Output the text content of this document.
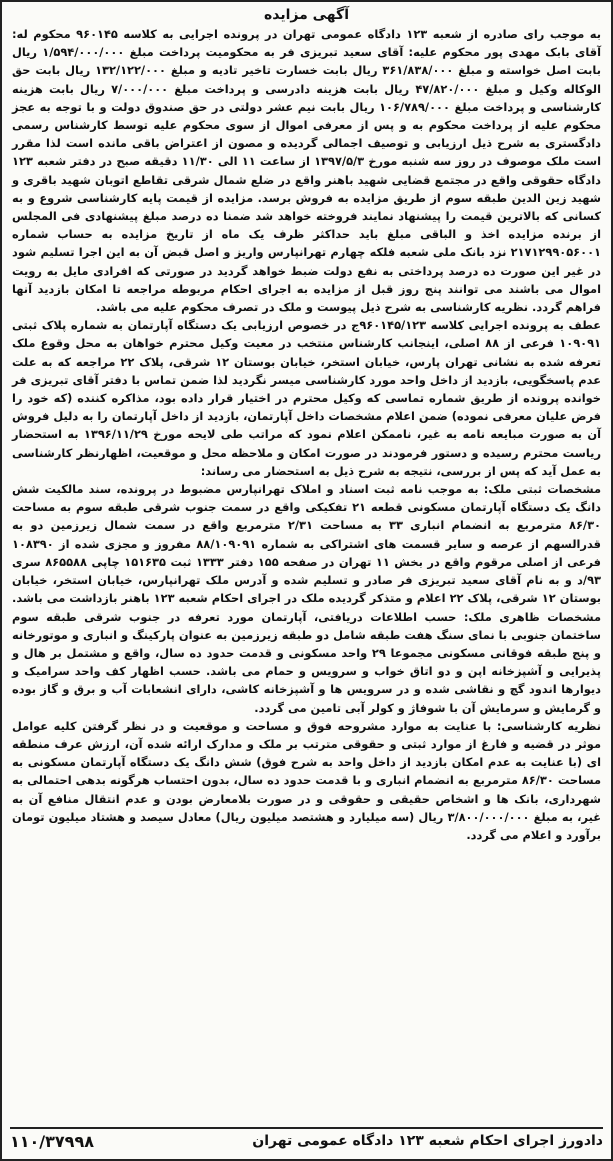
آگهی مزایده

به موجب رای صادره از شعبه ۱۲۳ دادگاه عمومی تهران در پرونده اجرایی به کلاسه ۹۶۰۱۴۵ محکوم له: آقای بابک مهدی پور محکوم علیه: آقای سعید تبریزی فر به محکومیت پرداخت مبلغ ۱/۵۹۴/۰۰۰/۰۰۰ ریال بابت اصل خواسته و مبلغ ۳۶۱/۸۳۸/۰۰۰ ریال بابت خسارت تاخیر تادیه و مبلغ ۱۳۲/۱۲۲/۰۰۰ ریال بابت حق الوکاله وکیل و مبلغ ۴۷/۸۲۰/۰۰۰ ریال بابت هزینه دادرسی و پرداخت مبلغ ۷/۰۰۰/۰۰۰ ریال بابت هزینه کارشناسی و پرداخت مبلغ ۱۰۶/۷۸۹/۰۰۰ ریال بابت نیم عشر دولتی در حق صندوق دولت و با توجه به عجز محکوم علیه از پرداخت محکوم به و پس از معرفی اموال از سوی محکوم علیه توسط کارشناس رسمی دادگستری به شرح ذیل ارزیابی و توصیف اجمالی گردیده و مصون از اعتراض باقی مانده است لذا مقرر است ملک موصوف در روز سه شنبه مورخ ۱۳۹۷/۵/۳ از ساعت ۱۱ الی ۱۱/۳۰ دقیقه صبح در دفتر شعبه ۱۲۳ دادگاه حقوقی واقع در مجتمع قضایی شهید باهنر واقع در ضلع شمال شرقی تقاطع اتوبان شهید باقری و شهید زین الدین طبقه سوم از طریق مزایده به فروش برسد. مزایده از قیمت پایه کارشناسی شروع و به کسانی که بالاترین قیمت را پیشنهاد نمایند فروخته خواهد شد ضمنا ده درصد مبلغ پیشنهادی فی المجلس از برنده مزایده اخذ و الباقی مبلغ باید حداکثر ظرف یک ماه از تاریخ مزایده به حساب شماره ۲۱۷۱۲۹۹۰۵۶۰۰۱ نزد بانک ملی شعبه فلکه چهارم تهرانپارس واریز و اصل قبض آن به این اجرا تسلیم شود در غیر این صورت ده درصد پرداختی به نفع دولت ضبط خواهد گردید در صورتی که افرادی مایل به رویت اموال می باشند می توانند پنج روز قبل از مزایده به اجرای احکام مربوطه مراجعه تا امکان بازدید آنها فراهم گردد. نظریه کارشناسی به شرح ذیل پیوست و ملک در تصرف محکوم علیه می باشد.

عطف به پرونده اجرایی کلاسه ۹۶۰۱۴۵/۱۲۳ج در خصوص ارزیابی یک دستگاه آپارتمان به شماره پلاک ثبتی ۱۰۹۰۹۱ فرعی از ۸۸ اصلی، اینجانب کارشناس منتخب در معیت وکیل محترم خواهان به محل وقوع ملک تعرفه شده به نشانی تهران پارس، خیابان استخر، خیابان بوستان ۱۲ شرقی، پلاک ۲۲ مراجعه که به علت عدم پاسخگویی، بازدید از داخل واحد مورد کارشناسی میسر نگردید لذا ضمن تماس با دفتر آقای تبریزی فر خوانده پرونده از طریق شماره تماسی که وکیل محترم در اختیار قرار داده بود، مذاکره کننده (که خود را فرض علیان معرفی نموده) ضمن اعلام مشخصات داخل آپارتمان، بازدید از داخل آپارتمان را به دلیل فروش آن به صورت مبایعه نامه به غیر، ناممکن اعلام نمود که مراتب طی لایحه مورخ ۱۳۹۶/۱۱/۲۹ به استحضار ریاست محترم رسیده و دستور فرمودند در صورت امکان و ملاحظه محل و موقعیت، اظهارنظر کارشناسی به عمل آید که پس از بررسی، نتیجه به شرح ذیل به استحضار می رساند:

مشخصات ثبتی ملک: به موجب نامه ثبت اسناد و املاک تهرانپارس مضبوط در پرونده، سند مالکیت شش دانگ یک دستگاه آپارتمان مسکونی قطعه ۲۱ تفکیکی واقع در سمت جنوب شرقی طبقه سوم به مساحت ۸۶/۳۰ مترمربع به انضمام انباری ۳۳ به مساحت ۲/۳۱ مترمربع واقع در سمت شمال زیرزمین دو به قدرالسهم از عرصه و سایر قسمت های اشتراکی به شماره ۸۸/۱۰۹۰۹۱ مفروز و مجزی شده از ۱۰۸۳۹۰ فرعی از اصلی مرقوم واقع در بخش ۱۱ تهران در صفحه ۱۵۵ دفتر ۱۳۳۳ ثبت ۱۵۱۶۳۵ چاپی ۸۶۵۵۸۸ سری ۹۳/د و به نام آقای سعید تبریزی فر صادر و تسلیم شده و آدرس ملک تهرانپارس، خیابان استخر، خیابان بوستان ۱۲ شرقی، پلاک ۲۲ اعلام و متذکر گردیده ملک در اجرای احکام شعبه ۱۲۳ باهنر بازداشت می باشد. مشخصات ظاهری ملک: حسب اطلاعات دریافتی، آپارتمان مورد تعرفه در جنوب شرقی طبقه سوم ساختمان جنوبی با نمای سنگ هفت طبقه شامل دو طبقه زیرزمین به عنوان پارکینگ و انباری و موتورخانه و پنج طبقه فوقانی مسکونی مجموعا ۲۹ واحد مسکونی و قدمت حدود ده سال، واقع و مشتمل بر هال و پذیرایی و آشپزخانه اپن و دو اتاق خواب و سرویس و حمام می باشد. حسب اظهار کف واحد سرامیک و دیوارها اندود گچ و نقاشی شده و در سرویس ها و آشپزخانه کاشی، دارای انشعابات آب و برق و گاز بوده و گرمایش و سرمایش آن با شوفاژ و کولر آبی تامین می گردد.

نظریه کارشناسی: با عنایت به موارد مشروحه فوق و مساحت و موقعیت و در نظر گرفتن کلیه عوامل موثر در قضیه و فارغ از موارد ثبتی و حقوقی مترتب بر ملک و مدارک ارائه شده آن، ارزش عرف منطقه ای (با عنایت به عدم امکان بازدید از داخل واحد به شرح فوق) شش دانگ یک دستگاه آپارتمان مسکونی به مساحت ۸۶/۳۰ مترمربع به انضمام انباری و با قدمت حدود ده سال، بدون احتساب هرگونه بدهی احتمالی به شهرداری، بانک ها و اشخاص حقیقی و حقوقی و در صورت بلامعارض بودن و عدم انتقال منافع آن به غیر، به مبلغ ۳/۸۰۰/۰۰۰/۰۰۰ ریال (سه میلیارد و هشتصد میلیون ریال) معادل سیصد و هشتاد میلیون تومان برآورد و اعلام می گردد.

دادورز اجرای احکام شعبه ۱۲۳ دادگاه عمومی تهران
۱۱۰/۳۷۹۹۸
